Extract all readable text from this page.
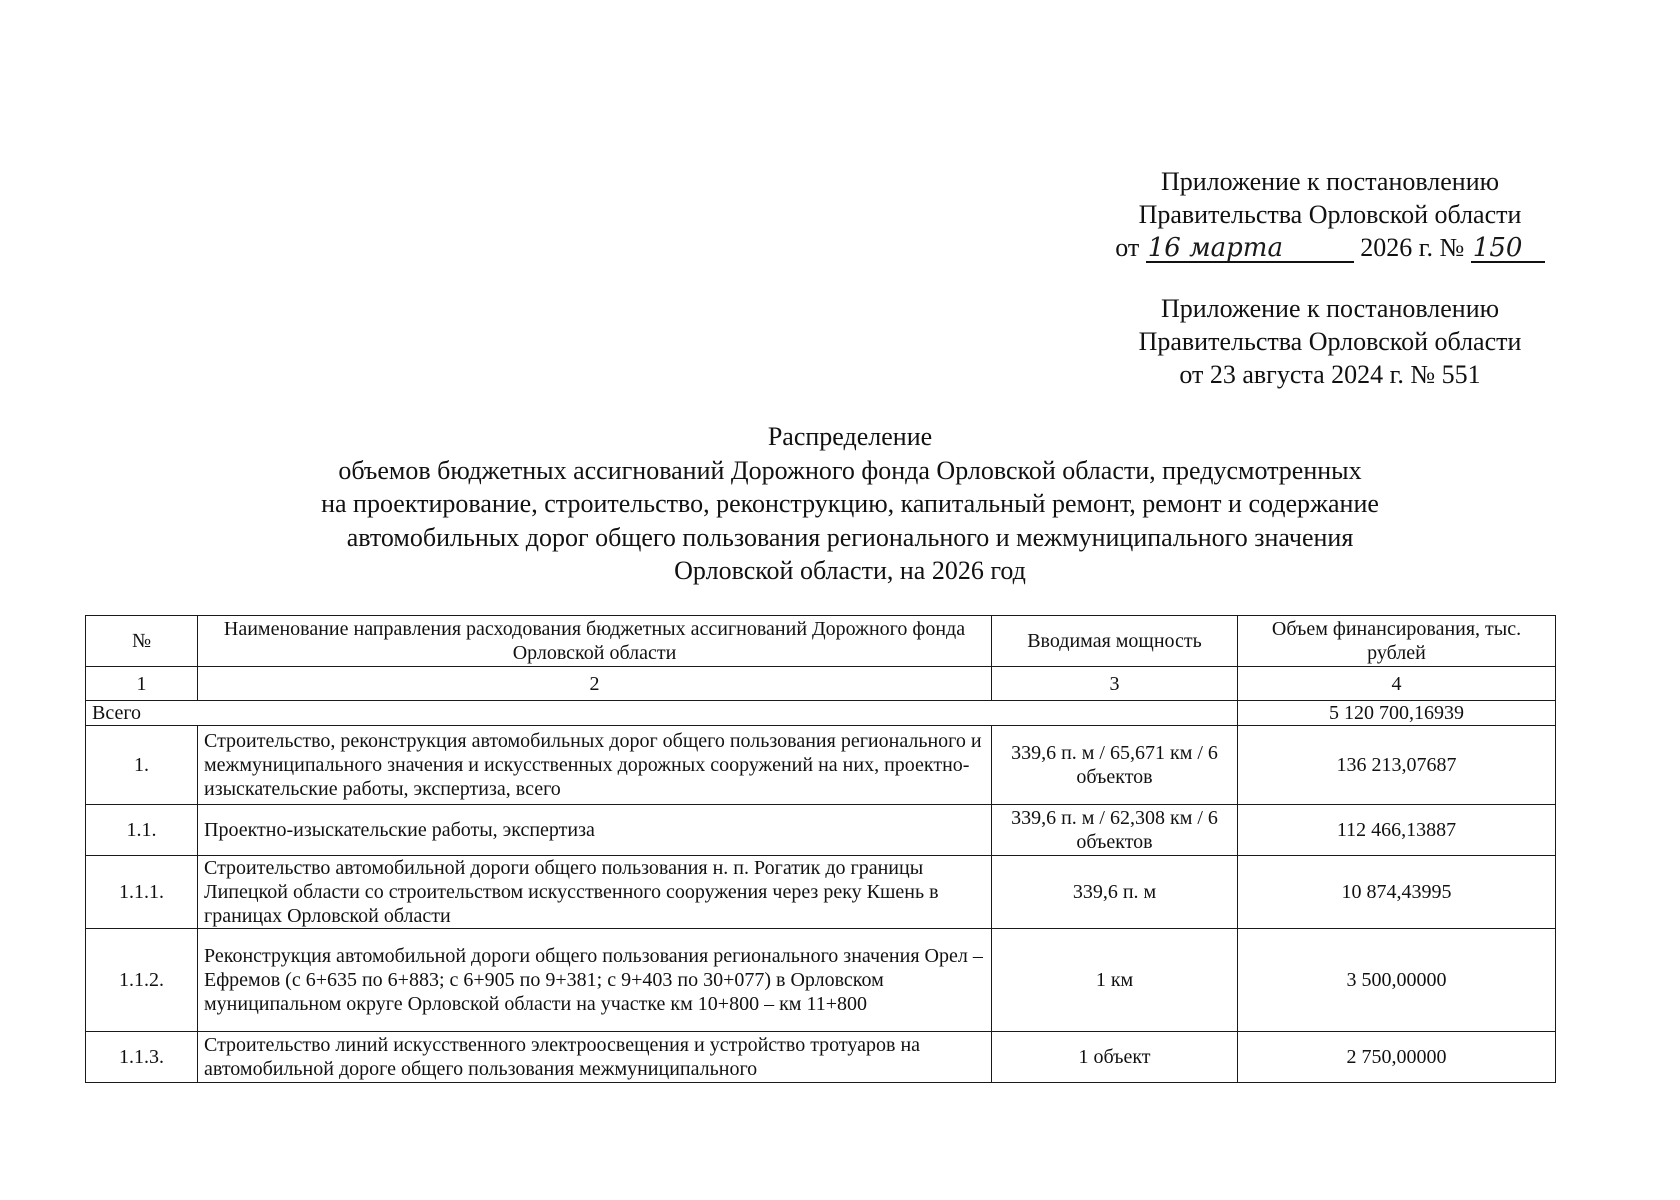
Приложение к постановлению
Правительства Орловской области
от 16 марта	2026 г. № 150
Приложение к постановлению
Правительства Орловской области
от 23 августа 2024 г. № 551
Распределение
объемов бюджетных ассигнований Дорожного фонда Орловской области, предусмотренных
на проектирование, строительство, реконструкцию, капитальный ремонт, ремонт и содержание
автомобильных дорог общего пользования регионального и межмуниципального значения
Орловской области, на 2026 год
№	Наименование направления расходования бюджетных ассигнований Дорожного фонда Орловской области	Вводимая мощность	Объем финансирования, тыс. рублей
1	2	3	4
Всего			5 120 700,16939
1.	Строительство, реконструкция автомобильных дорог общего пользования регионального и межмуниципального значения и искусственных дорожных сооружений на них, проектно-изыскательские работы, экспертиза, всего	339,6 п. м / 65,671 км / 6 объектов	136 213,07687
1.1.	Проектно-изыскательские работы, экспертиза	339,6 п. м / 62,308 км / 6 объектов	112 466,13887
1.1.1.	Строительство автомобильной дороги общего пользования н. п. Рогатик до границы Липецкой области со строительством искусственного сооружения через реку Кшень в границах Орловской области	339,6 п. м	10 874,43995
1.1.2.	Реконструкция автомобильной дороги общего пользования регионального значения Орел – Ефремов (с 6+635 по 6+883; с 6+905 по 9+381; с 9+403 по 30+077) в Орловском муниципальном округе Орловской области на участке км 10+800 – км 11+800	1 км	3 500,00000
1.1.3.	Строительство линий искусственного электроосвещения и устройство тротуаров на автомобильной дороге общего пользования межмуниципального	1 объект	2 750,00000
